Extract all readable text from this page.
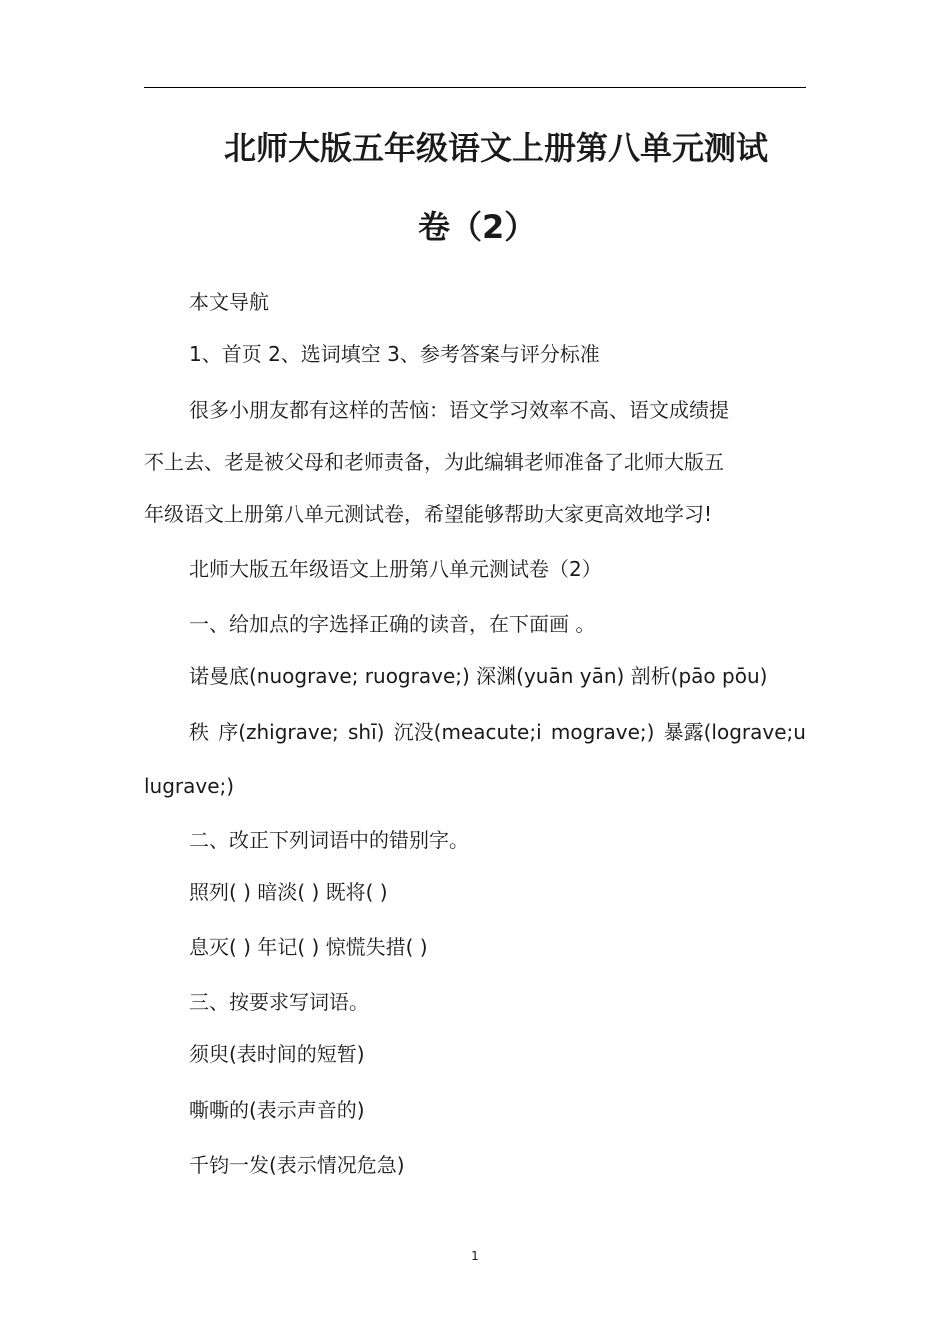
北师大版五年级语文上册第八单元测试
卷（2）
本文导航
1、首页 2、选词填空 3、参考答案与评分标准
很多小朋友都有这样的苦恼：语文学习效率不高、语文成绩提
不上去、老是被父母和老师责备，为此编辑老师准备了北师大版五
年级语文上册第八单元测试卷，希望能够帮助大家更高效地学习!
北师大版五年级语文上册第八单元测试卷（2）
一、给加点的字选择正确的读音，在下面画 。
诺曼底(nuograve; ruograve;) 深渊(yuān yān) 剖析(pāo pōu)
秩 序(zhigrave; shī) 沉没(meacute;i mograve;) 暴露(lograve;u
lugrave;)
二、改正下列词语中的错别字。
照列( ) 暗淡( ) 既将( )
息灭( ) 年记( ) 惊慌失措( )
三、按要求写词语。
须臾(表时间的短暂)
嘶嘶的(表示声音的)
千钧一发(表示情况危急)
1
